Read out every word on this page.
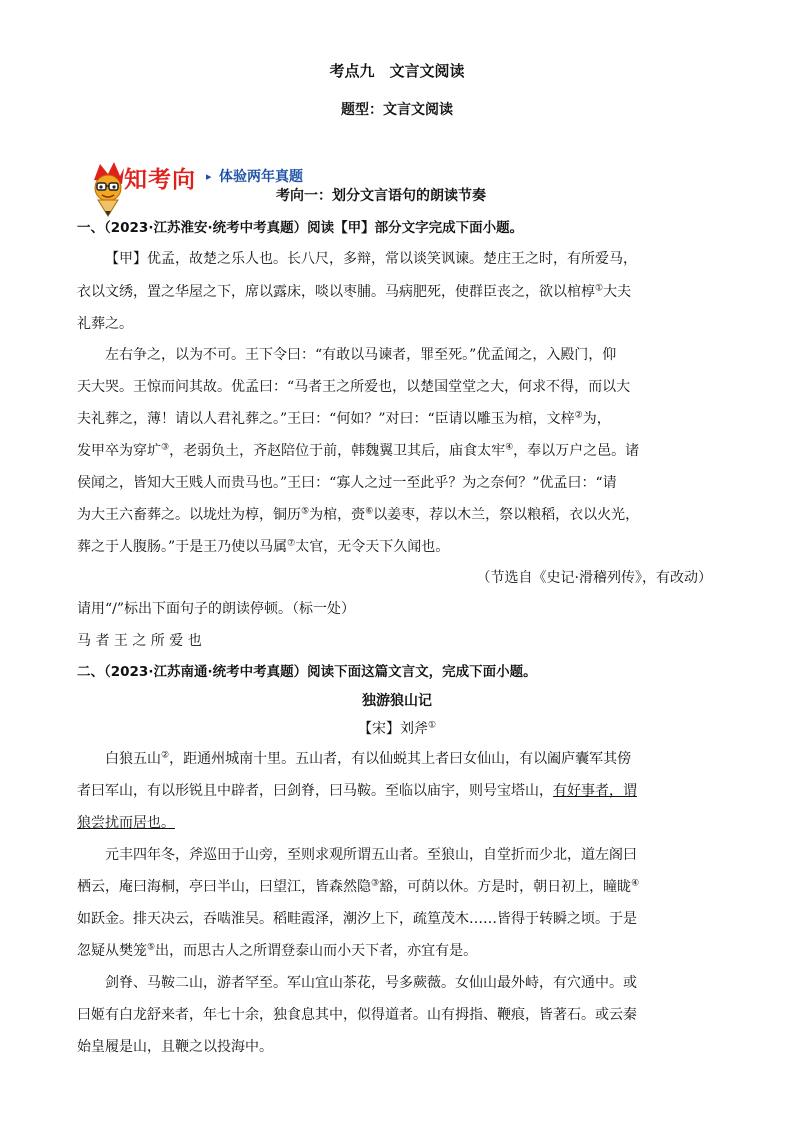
考点九　文言文阅读
题型：文言文阅读
知考向 ▸ 体验两年真题
考向一：划分文言语句的朗读节奏
一、（2023·江苏淮安·统考中考真题）阅读【甲】部分文字完成下面小题。
【甲】优孟，故楚之乐人也。长八尺，多辩，常以谈笑讽谏。楚庄王之时，有所爱马，
衣以文绣，置之华屋之下，席以露床，啖以枣脯。马病肥死，使群臣丧之，欲以棺椁①大夫
礼葬之。
左右争之，以为不可。王下令曰：“有敢以马谏者，罪至死。”优孟闻之，入殿门，仰
天大哭。王惊而问其故。优孟曰：“马者王之所爱也，以楚国堂堂之大，何求不得，而以大
夫礼葬之，薄！请以人君礼葬之。”王曰：“何如？”对曰：“臣请以雕玉为棺，文梓②为，
发甲卒为穿圹③，老弱负土，齐赵陪位于前，韩魏翼卫其后，庙食太牢④，奉以万户之邑。诸
侯闻之，皆知大王贱人而贵马也。”王曰：“寡人之过一至此乎？为之奈何？”优孟曰：“请
为大王六畜葬之。以垅灶为椁，铜历⑤为棺，赍⑥以姜枣，荐以木兰，祭以粮稻，衣以火光，
葬之于人腹肠。”于是王乃使以马属⑦太官，无令天下久闻也。
（节选自《史记·滑稽列传》，有改动）
请用“/”标出下面句子的朗读停顿。（标一处）
马 者 王 之 所 爱 也
二、（2023·江苏南通·统考中考真题）阅读下面这篇文言文，完成下面小题。
独游狼山记
【宋】刘斧①
白狼五山②，距通州城南十里。五山者，有以仙蜕其上者曰女仙山，有以阖庐囊军其傍
者曰军山，有以形锐且中辟者，曰剑脊，曰马鞍。至临以庙宇，则号宝塔山，有好事者，谓
狼尝扰而居也。
元丰四年冬，斧巡田于山旁，至则求观所谓五山者。至狼山，自堂折而少北，道左阁曰
栖云，庵曰海桐，亭曰半山，曰望江，皆森然隐③豁，可荫以休。方是时，朝日初上，瞳眬④
如跃金。排天决云，吞啮淮吴。稻畦霞泽，潮汐上下，疏篁茂木……皆得于转瞬之顷。于是
忽疑从樊笼⑤出，而思古人之所谓登泰山而小天下者，亦宜有是。
剑脊、马鞍二山，游者罕至。军山宜山茶花，号多蕨薇。女仙山最外峙，有穴通中。或
曰姬有白龙舒来者，年七十余，独食息其中，似得道者。山有拇指、鞭痕，皆著石。或云秦
始皇履是山，且鞭之以投海中。
